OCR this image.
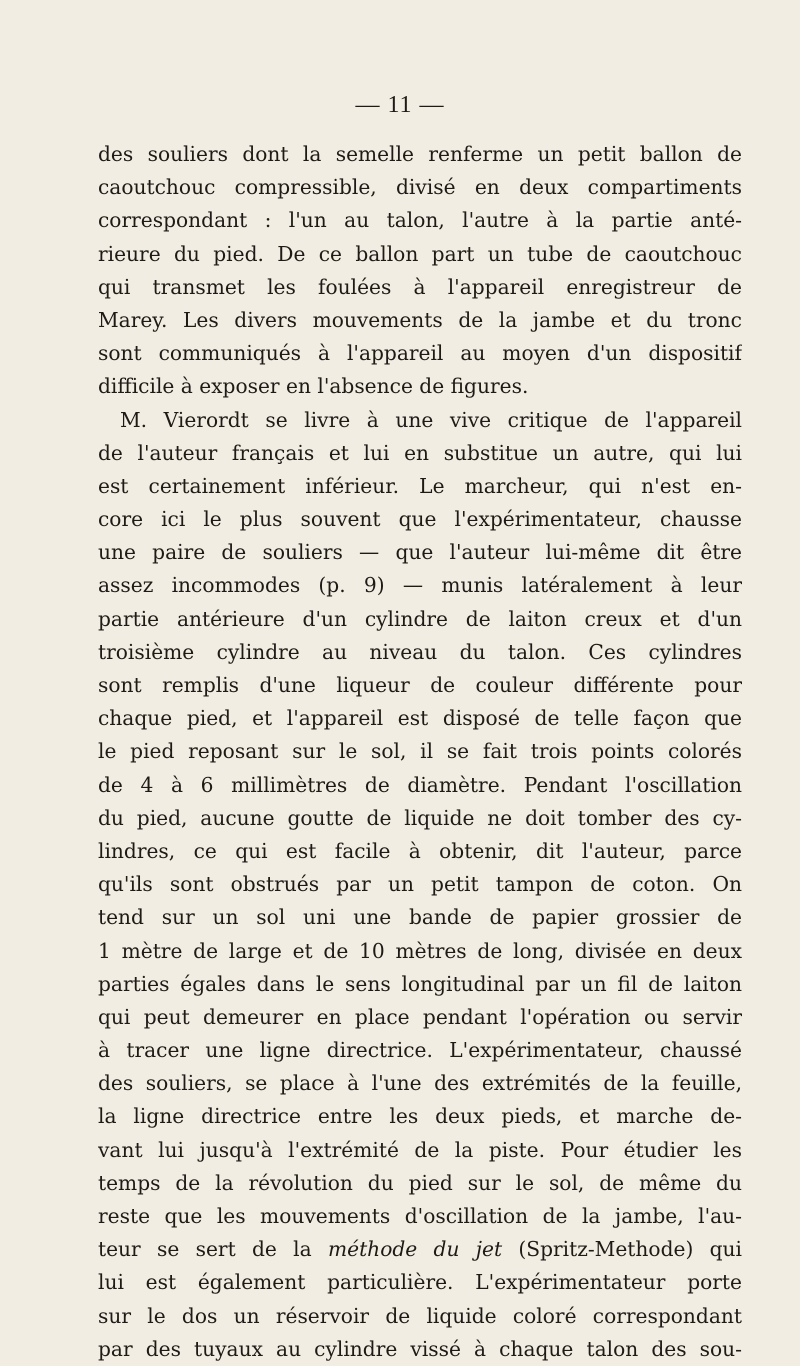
— 11 —
des souliers dont la semelle renferme un petit ballon de
caoutchouc compressible, divisé en deux compartiments
correspondant : l'un au talon, l'autre à la partie anté-
rieure du pied. De ce ballon part un tube de caoutchouc
qui transmet les foulées à l'appareil enregistreur de
Marey. Les divers mouvements de la jambe et du tronc
sont communiqués à l'appareil au moyen d'un dispositif
difficile à exposer en l'absence de figures.
M. Vierordt se livre à une vive critique de l'appareil
de l'auteur français et lui en substitue un autre, qui lui
est certainement inférieur. Le marcheur, qui n'est en-
core ici le plus souvent que l'expérimentateur, chausse
une paire de souliers — que l'auteur lui-même dit être
assez incommodes (p. 9) — munis latéralement à leur
partie antérieure d'un cylindre de laiton creux et d'un
troisième cylindre au niveau du talon. Ces cylindres
sont remplis d'une liqueur de couleur différente pour
chaque pied, et l'appareil est disposé de telle façon que
le pied reposant sur le sol, il se fait trois points colorés
de 4 à 6 millimètres de diamètre. Pendant l'oscillation
du pied, aucune goutte de liquide ne doit tomber des cy-
lindres, ce qui est facile à obtenir, dit l'auteur, parce
qu'ils sont obstrués par un petit tampon de coton. On
tend sur un sol uni une bande de papier grossier de
1 mètre de large et de 10 mètres de long, divisée en deux
parties égales dans le sens longitudinal par un fil de laiton
qui peut demeurer en place pendant l'opération ou servir
à tracer une ligne directrice. L'expérimentateur, chaussé
des souliers, se place à l'une des extrémités de la feuille,
la ligne directrice entre les deux pieds, et marche de-
vant lui jusqu'à l'extrémité de la piste. Pour étudier les
temps de la révolution du pied sur le sol, de même du
reste que les mouvements d'oscillation de la jambe, l'au-
teur se sert de la méthode du jet (Spritz-Methode) qui
lui est également particulière. L'expérimentateur porte
sur le dos un réservoir de liquide coloré correspondant
par des tuyaux au cylindre vissé à chaque talon des sou-
